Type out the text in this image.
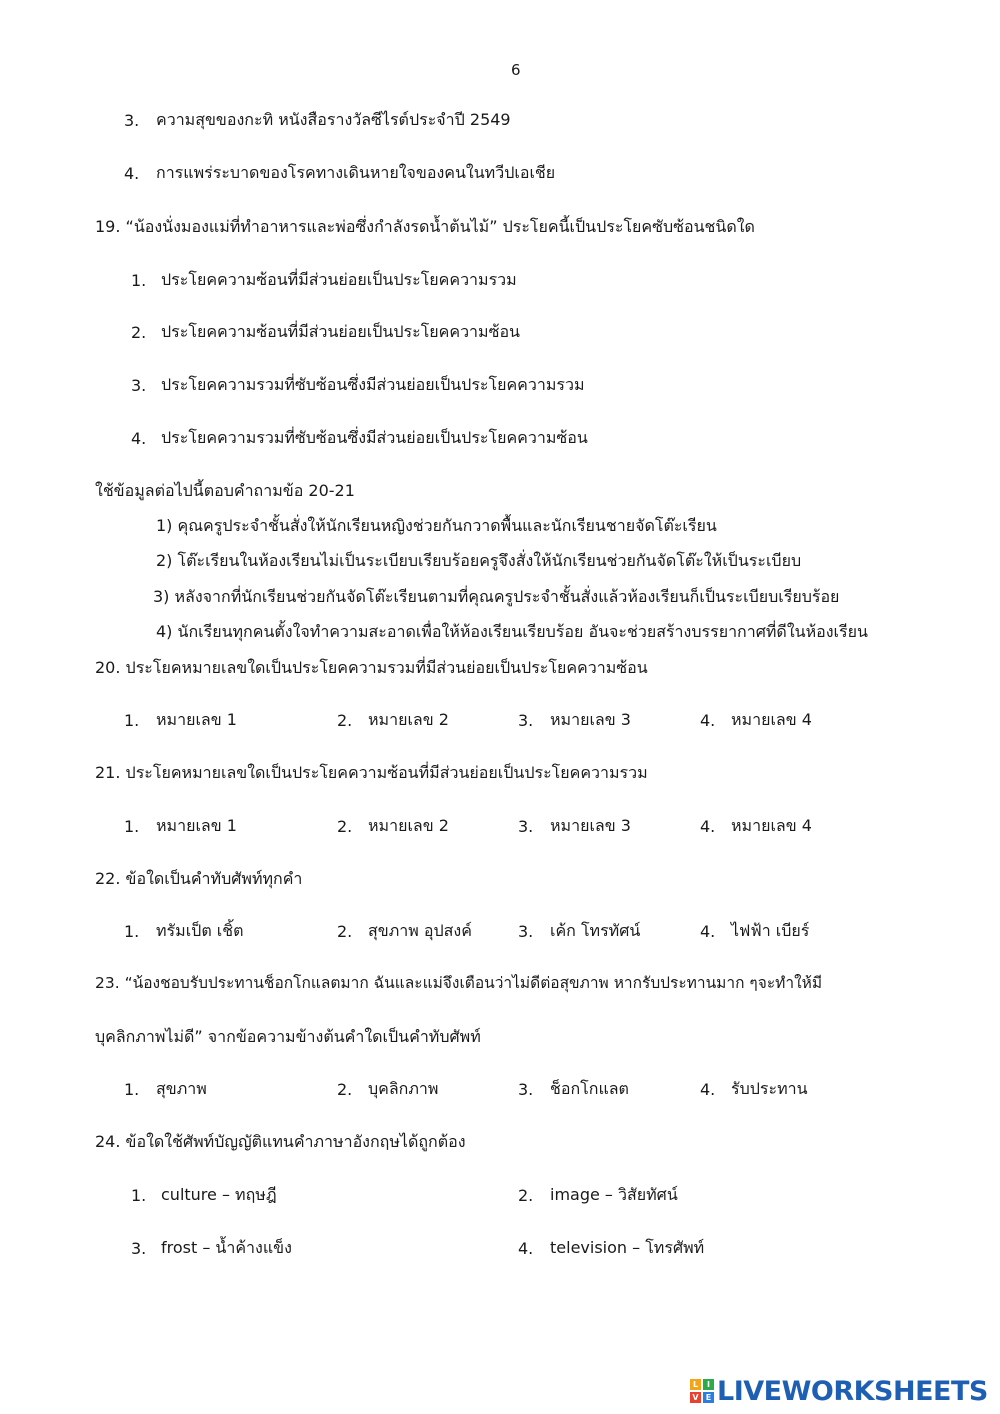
6
3. ความสุขของกะทิ หนังสือรางวัลซีไรต์ประจำปี 2549
4. การแพร่ระบาดของโรคทางเดินหายใจของคนในทวีปเอเชีย
19. “น้องนั่งมองแม่ที่ทำอาหารและพ่อซึ่งกำลังรดน้ำต้นไม้” ประโยคนี้เป็นประโยคซับซ้อนชนิดใด
1. ประโยคความซ้อนที่มีส่วนย่อยเป็นประโยคความรวม
2. ประโยคความซ้อนที่มีส่วนย่อยเป็นประโยคความซ้อน
3. ประโยคความรวมที่ซับซ้อนซึ่งมีส่วนย่อยเป็นประโยคความรวม
4. ประโยคความรวมที่ซับซ้อนซึ่งมีส่วนย่อยเป็นประโยคความซ้อน
ใช้ข้อมูลต่อไปนี้ตอบคำถามข้อ 20-21
1) คุณครูประจำชั้นสั่งให้นักเรียนหญิงช่วยกันกวาดพื้นและนักเรียนชายจัดโต๊ะเรียน
2) โต๊ะเรียนในห้องเรียนไม่เป็นระเบียบเรียบร้อยครูจึงสั่งให้นักเรียนช่วยกันจัดโต๊ะให้เป็นระเบียบ
3) หลังจากที่นักเรียนช่วยกันจัดโต๊ะเรียนตามที่คุณครูประจำชั้นสั่งแล้วห้องเรียนก็เป็นระเบียบเรียบร้อย
4) นักเรียนทุกคนตั้งใจทำความสะอาดเพื่อให้ห้องเรียนเรียบร้อย อันจะช่วยสร้างบรรยากาศที่ดีในห้องเรียน
20. ประโยคหมายเลขใดเป็นประโยคความรวมที่มีส่วนย่อยเป็นประโยคความซ้อน
1. หมายเลข 1	2. หมายเลข 2	3. หมายเลข 3	4. หมายเลข 4
21. ประโยคหมายเลขใดเป็นประโยคความซ้อนที่มีส่วนย่อยเป็นประโยคความรวม
1. หมายเลข 1	2. หมายเลข 2	3. หมายเลข 3	4. หมายเลข 4
22. ข้อใดเป็นคำทับศัพท์ทุกคำ
1. ทรัมเป็ต เชิ้ต	2. สุขภาพ อุปสงค์	3. เค้ก โทรทัศน์	4. ไฟฟ้า เบียร์
23. “น้องชอบรับประทานช็อกโกแลตมาก ฉันและแม่จึงเตือนว่าไม่ดีต่อสุขภาพ หากรับประทานมาก ๆจะทำให้มี
บุคลิกภาพไม่ดี” จากข้อความข้างต้นคำใดเป็นคำทับศัพท์
1. สุขภาพ	2. บุคลิกภาพ	3. ช็อกโกแลต	4. รับประทาน
24. ข้อใดใช้ศัพท์บัญญัติแทนคำภาษาอังกฤษได้ถูกต้อง
1. culture – ทฤษฎี	2. image – วิสัยทัศน์
3. frost – น้ำค้างแข็ง	4. television – โทรศัพท์
L	I
V E LIVEWORKSHEETS
